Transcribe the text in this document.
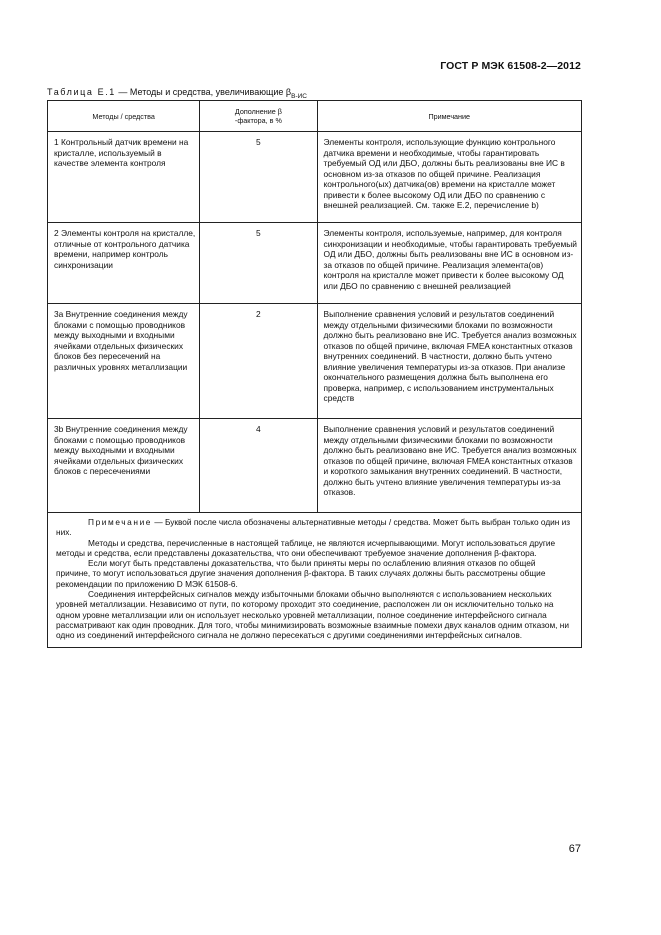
ГОСТ Р МЭК 61508-2—2012
Таблица Е.1 — Методы и средства, увеличивающие $\beta_{B-ИС}$
Методы / средства	Дополнение β -фактора, в %	Примечание
1 Контрольный датчик времени на кристалле, используемый в качестве элемента контроля	5	Элементы контроля, использующие функцию контрольного датчика времени и необходимые, чтобы гарантировать требуемый ОД или ДБО, должны быть реализованы вне ИС в основном из-за отказов по общей причине. Реализация контрольного(ых) датчика(ов) времени на кристалле может привести к более высокому ОД или ДБО по сравнению с внешней реализацией. См. также Е.2, перечисление b)
2 Элементы контроля на кристалле, отличные от контрольного датчика времени, например контроль синхронизации	5	Элементы контроля, используемые, например, для контроля синхронизации и необходимые, чтобы гарантировать требуемый ОД или ДБО, должны быть реализованы вне ИС в основном из-за отказов по общей причине. Реализация элемента(ов) контроля на кристалле может привести к более высокому ОД или ДБО по сравнению с внешней реализацией
3a Внутренние соединения между блоками с помощью проводников между выходными и входными ячейками отдельных физических блоков без пересечений на различных уровнях металлизации	2	Выполнение сравнения условий и результатов соединений между отдельными физическими блоками по возможности должно быть реализовано вне ИС. Требуется анализ возможных отказов по общей причине, включая FMEA константных отказов внутренних соединений. В частности, должно быть учтено влияние увеличения температуры из-за отказов. При анализе окончательного размещения должна быть выполнена его проверка, например, с использованием инструментальных средств
3b Внутренние соединения между блоками с помощью проводников между выходными и входными ячейками отдельных физических блоков с пересечениями	4	Выполнение сравнения условий и результатов соединений между отдельными физическими блоками по возможности должно быть реализовано вне ИС. Требуется анализ возможных отказов по общей причине, включая FMEA константных отказов и короткого замыкания внутренних соединений. В частности, должно быть учтено влияние увеличения температуры из-за отказов.

Примечание — Буквой после числа обозначены альтернативные методы / средства. Может быть выбран только один из них.

Методы и средства, перечисленные в настоящей таблице, не являются исчерпывающими. Могут использоваться другие методы и средства, если представлены доказательства, что они обеспечивают требуемое значение дополнения β-фактора.

Если могут быть представлены доказательства, что были приняты меры по ослаблению влияния отказов по общей причине, то могут использоваться другие значения дополнения β-фактора. В таких случаях должны быть рассмотрены общие рекомендации по приложению D МЭК 61508-6.

Соединения интерфейсных сигналов между избыточными блоками обычно выполняются с использованием нескольких уровней металлизации. Независимо от пути, по которому проходит это соединение, расположен ли он исключительно только на одном уровне металлизации или он использует несколько уровней металлизации, полное соединение интерфейсного сигнала рассматривают как один проводник. Для того, чтобы минимизировать возможные взаимные помехи двух каналов одним отказом, ни одно из соединений интерфейсного сигнала не должно пересекаться с другими соединениями интерфейсных сигналов.		

67
